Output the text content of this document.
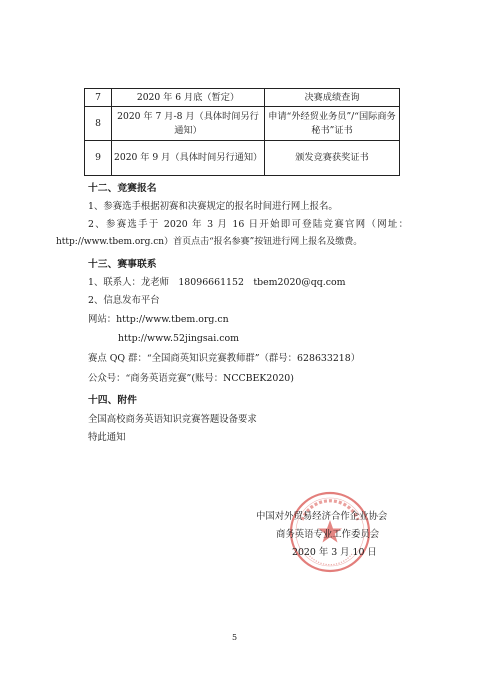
7	2020 年 6 月底（暂定）	决赛成绩查询
8	2020 年 7 月-8 月（具体时间另行通知）	申请“外经贸业务员”/“国际商务秘书”证书
9	2020 年 9 月（具体时间另行通知）	颁发竞赛获奖证书
十二、竞赛报名
1、参赛选手根据初赛和决赛规定的报名时间进行网上报名。
2、参赛选手于 2020 年 3 月 16 日开始即可登陆竞赛官网（网址：
http://www.tbem.org.cn）首页点击“报名参赛”按钮进行网上报名及缴费。
十三、赛事联系
1、联系人：龙老师　18096661152　tbem2020@qq.com
2、信息发布平台
网站：http://www.tbem.org.cn
http://www.52jingsai.com
赛点 QQ 群：“全国商英知识竞赛教师群”（群号：628633218）
公众号：“商务英语竞赛”(账号：NCCBEK2020)
十四、附件
全国高校商务英语知识竞赛答题设备要求
特此通知
中国对外贸易经济合作企业协会
商务英语专业工作委员会
2020 年 3 月 10 日
5
